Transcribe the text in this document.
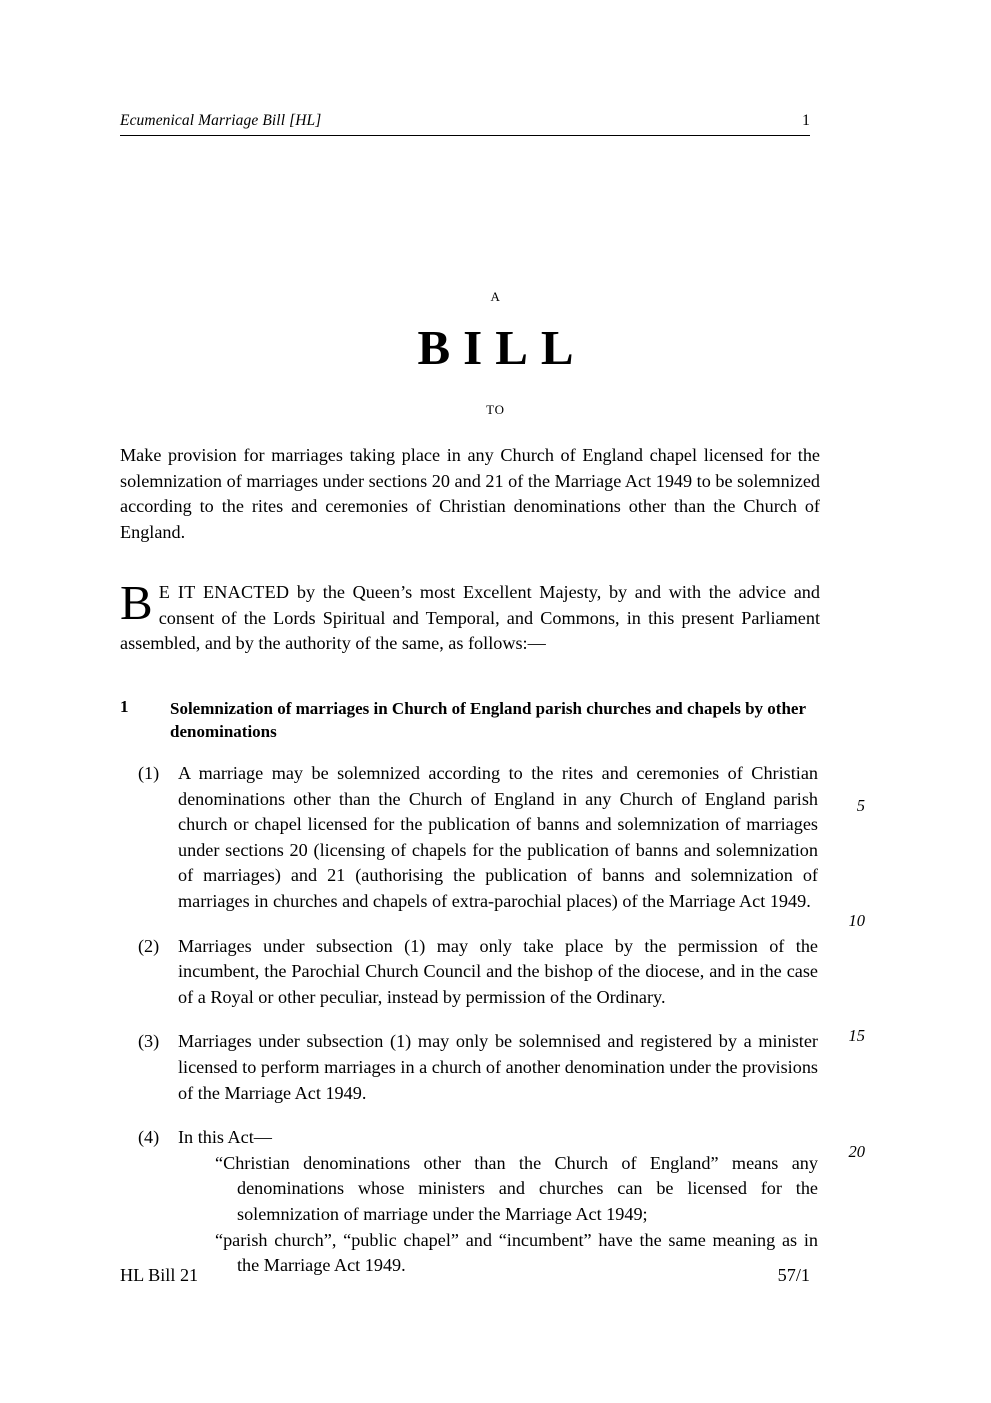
Ecumenical Marriage Bill [HL]	1
A
BILL
TO
Make provision for marriages taking place in any Church of England chapel licensed for the solemnization of marriages under sections 20 and 21 of the Marriage Act 1949 to be solemnized according to the rites and ceremonies of Christian denominations other than the Church of England.
B E IT ENACTED by the Queen’s most Excellent Majesty, by and with the advice and consent of the Lords Spiritual and Temporal, and Commons, in this present Parliament assembled, and by the authority of the same, as follows:—
1 Solemnization of marriages in Church of England parish churches and chapels by other denominations
(1) A marriage may be solemnized according to the rites and ceremonies of Christian denominations other than the Church of England in any Church of England parish church or chapel licensed for the publication of banns and solemnization of marriages under sections 20 (licensing of chapels for the publication of banns and solemnization of marriages) and 21 (authorising the publication of banns and solemnization of marriages in churches and chapels of extra-parochial places) of the Marriage Act 1949.
(2) Marriages under subsection (1) may only take place by the permission of the incumbent, the Parochial Church Council and the bishop of the diocese, and in the case of a Royal or other peculiar, instead by permission of the Ordinary.
(3) Marriages under subsection (1) may only be solemnised and registered by a minister licensed to perform marriages in a church of another denomination under the provisions of the Marriage Act 1949.
(4) In this Act—
“Christian denominations other than the Church of England” means any denominations whose ministers and churches can be licensed for the solemnization of marriage under the Marriage Act 1949;
“parish church”, “public chapel” and “incumbent” have the same meaning as in the Marriage Act 1949.
5
10
15
20
HL Bill 21	57/1
